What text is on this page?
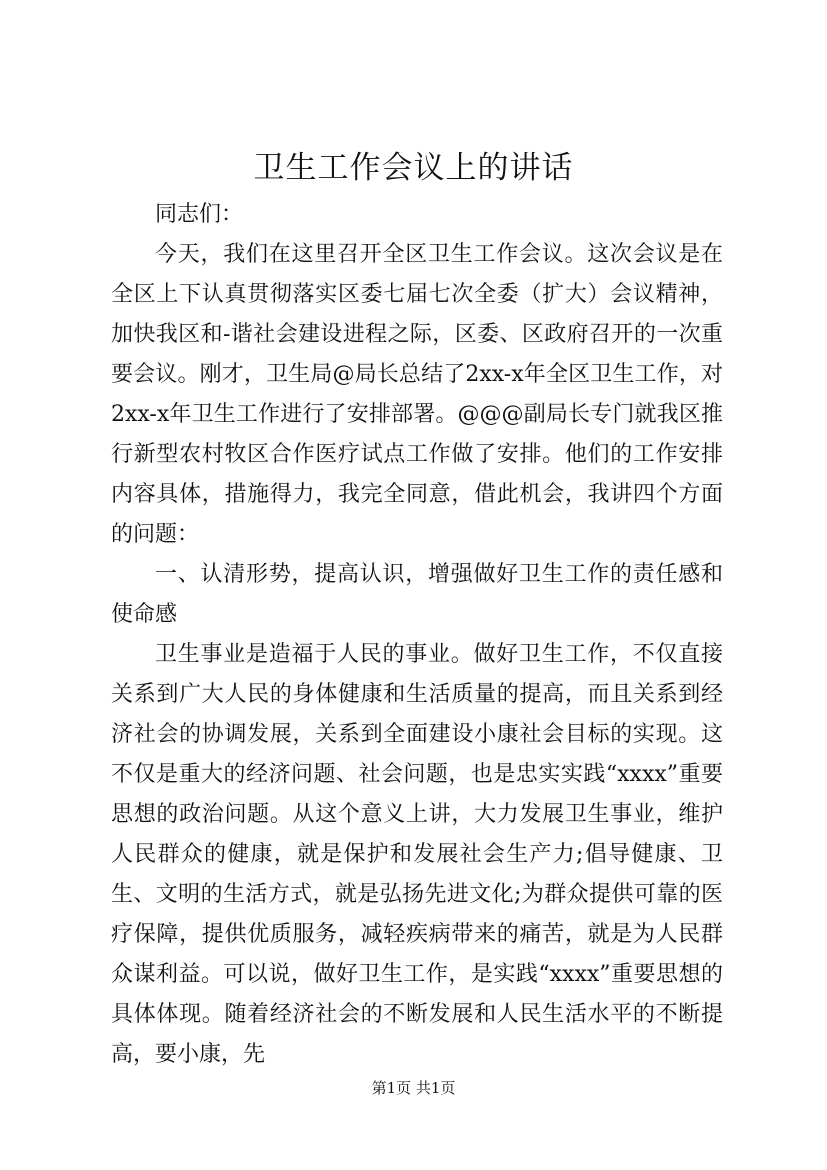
卫生工作会议上的讲话

同志们：

今天，我们在这里召开全区卫生工作会议。这次会议是在全区上下认真贯彻落实区委七届七次全委（扩大）会议精神，加快我区和-谐社会建设进程之际，区委、区政府召开的一次重要会议。刚才，卫生局@局长总结了2xx-x年全区卫生工作，对2xx-x年卫生工作进行了安排部署。@@@副局长专门就我区推行新型农村牧区合作医疗试点工作做了安排。他们的工作安排内容具体，措施得力，我完全同意，借此机会，我讲四个方面的问题：

一、认清形势，提高认识，增强做好卫生工作的责任感和使命感

卫生事业是造福于人民的事业。做好卫生工作，不仅直接关系到广大人民的身体健康和生活质量的提高，而且关系到经济社会的协调发展，关系到全面建设小康社会目标的实现。这不仅是重大的经济问题、社会问题，也是忠实实践“xxxx”重要思想的政治问题。从这个意义上讲，大力发展卫生事业，维护人民群众的健康，就是保护和发展社会生产力;倡导健康、卫生、文明的生活方式，就是弘扬先进文化;为群众提供可靠的医疗保障，提供优质服务，减轻疾病带来的痛苦，就是为人民群众谋利益。可以说，做好卫生工作，是实践“xxxx”重要思想的具体体现。随着经济社会的不断发展和人民生活水平的不断提高，要小康，先

第1页 共1页
